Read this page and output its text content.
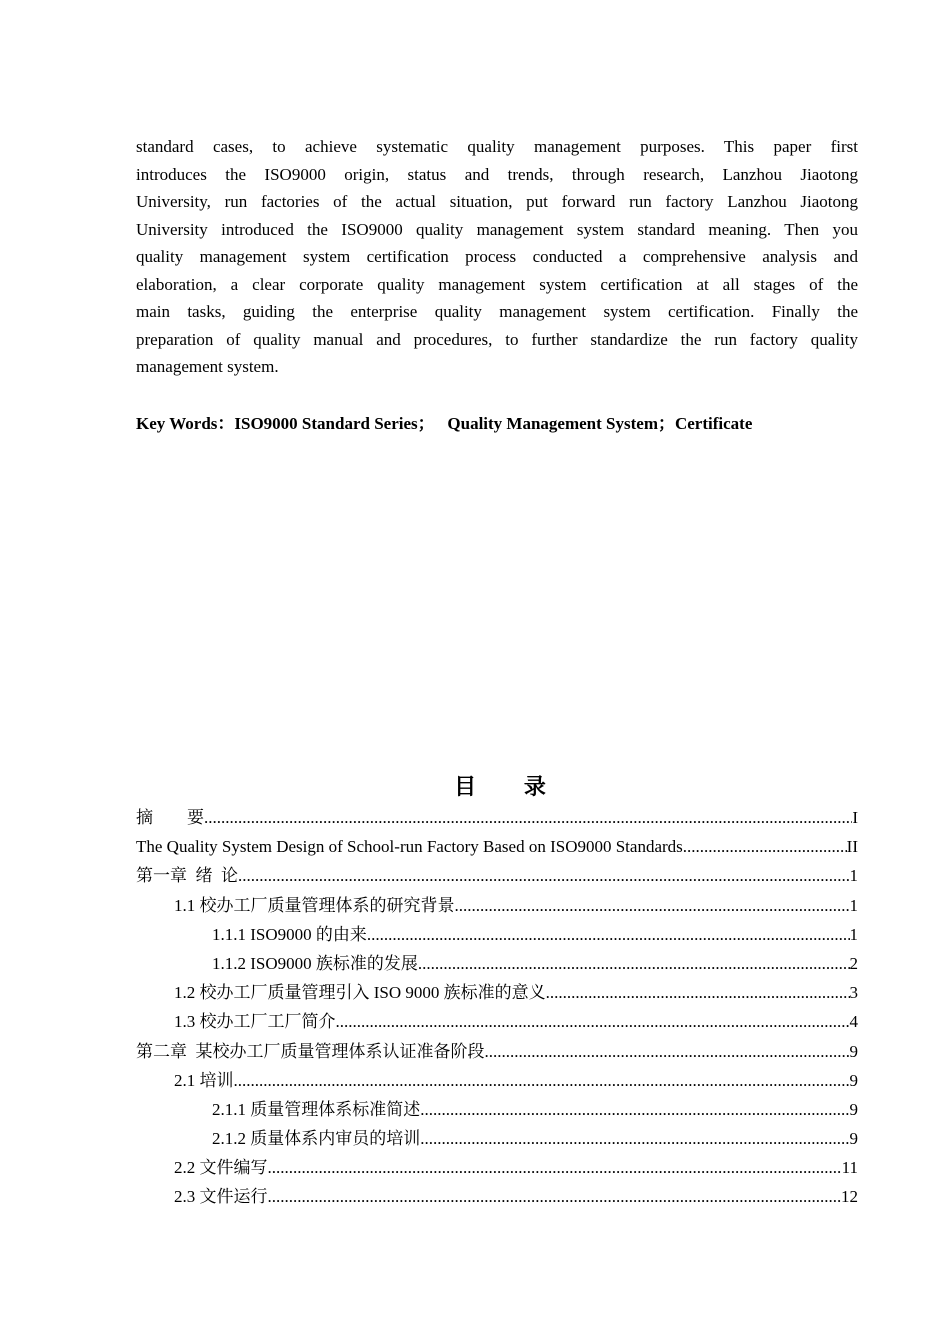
standard cases, to achieve systematic quality management purposes. This paper first
introduces the ISO9000 origin, status and trends, through research, Lanzhou Jiaotong
University, run factories of the actual situation, put forward run factory Lanzhou Jiaotong
University introduced the ISO9000 quality management system standard meaning. Then you
quality management system certification process conducted a comprehensive analysis and
elaboration, a clear corporate quality management system certification at all stages of the
main tasks, guiding the enterprise quality management system certification. Finally the
preparation of quality manual and procedures, to further standardize the run factory quality
management system.
Key Words：ISO9000 Standard Series；   Quality Management System；Certificate
目 录
摘　　要 .....	I
The Quality System Design of School-run Factory Based on ISO9000 Standards .....	II
第一章  绪  论 .....	1
1.1 校办工厂质量管理体系的研究背景 .....	1
1.1.1 ISO9000 的由来 .....	1
1.1.2 ISO9000 族标准的发展 .....	2
1.2 校办工厂质量管理引入 ISO 9000 族标准的意义 .....	3
1.3 校办工厂工厂简介 .....	4
第二章  某校办工厂质量管理体系认证准备阶段 .....	9
2.1 培训 .....	9
2.1.1 质量管理体系标准简述 .....	9
2.1.2 质量体系内审员的培训 .....	9
2.2 文件编写 .....	11
2.3 文件运行 .....	12
